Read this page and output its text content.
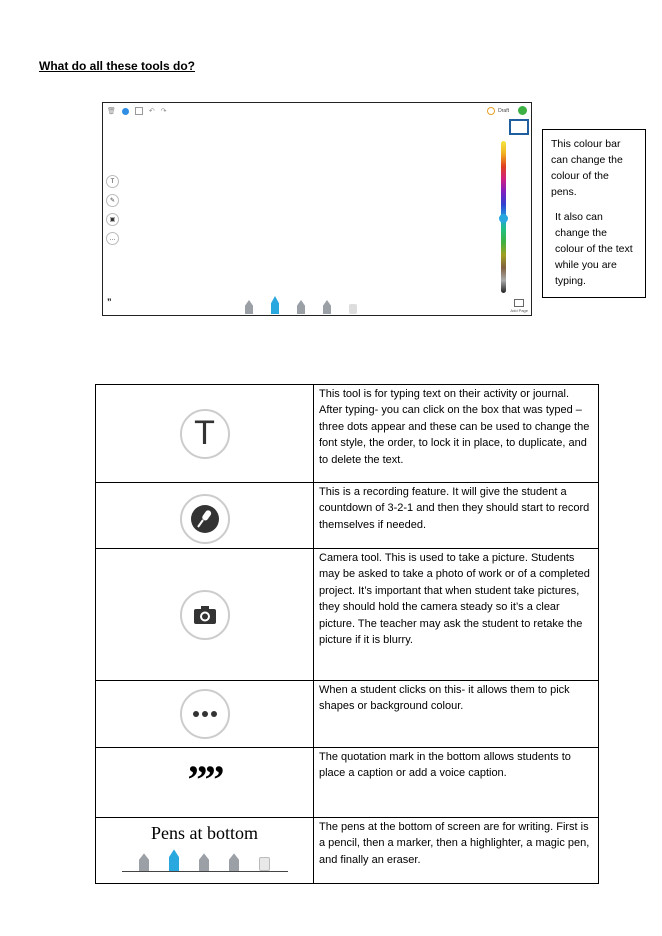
What do all these tools do?
🗑	↶ ↷	Draft
T
✎
▣
…
”
Add Page

This colour bar can change the colour of the pens.

It also can change the colour of the text while you are typing.

T	This tool is for typing text on their activity or journal. After typing- you can click on the box that was typed – three dots appear and these can be used to change the font style, the order, to lock it in place, to duplicate, and to delete the text.

	This is a recording feature. It will give the student a countdown of 3-2-1 and then they should start to record themselves if needed.

	Camera tool. This is used to take a picture. Students may be asked to take a photo of work or of a completed project. It’s important that when student take pictures, they should hold the camera steady so it’s a clear picture. The teacher may ask the student to retake the picture if it is blurry.

	When a student clicks on this- it allows them to pick shapes or background colour.

””	The quotation mark in the bottom allows students to place a caption or add a voice caption.

Pens at bottom	The pens at the bottom of screen are for writing. First is a pencil, then a marker, then a highlighter, a magic pen, and finally an eraser.
